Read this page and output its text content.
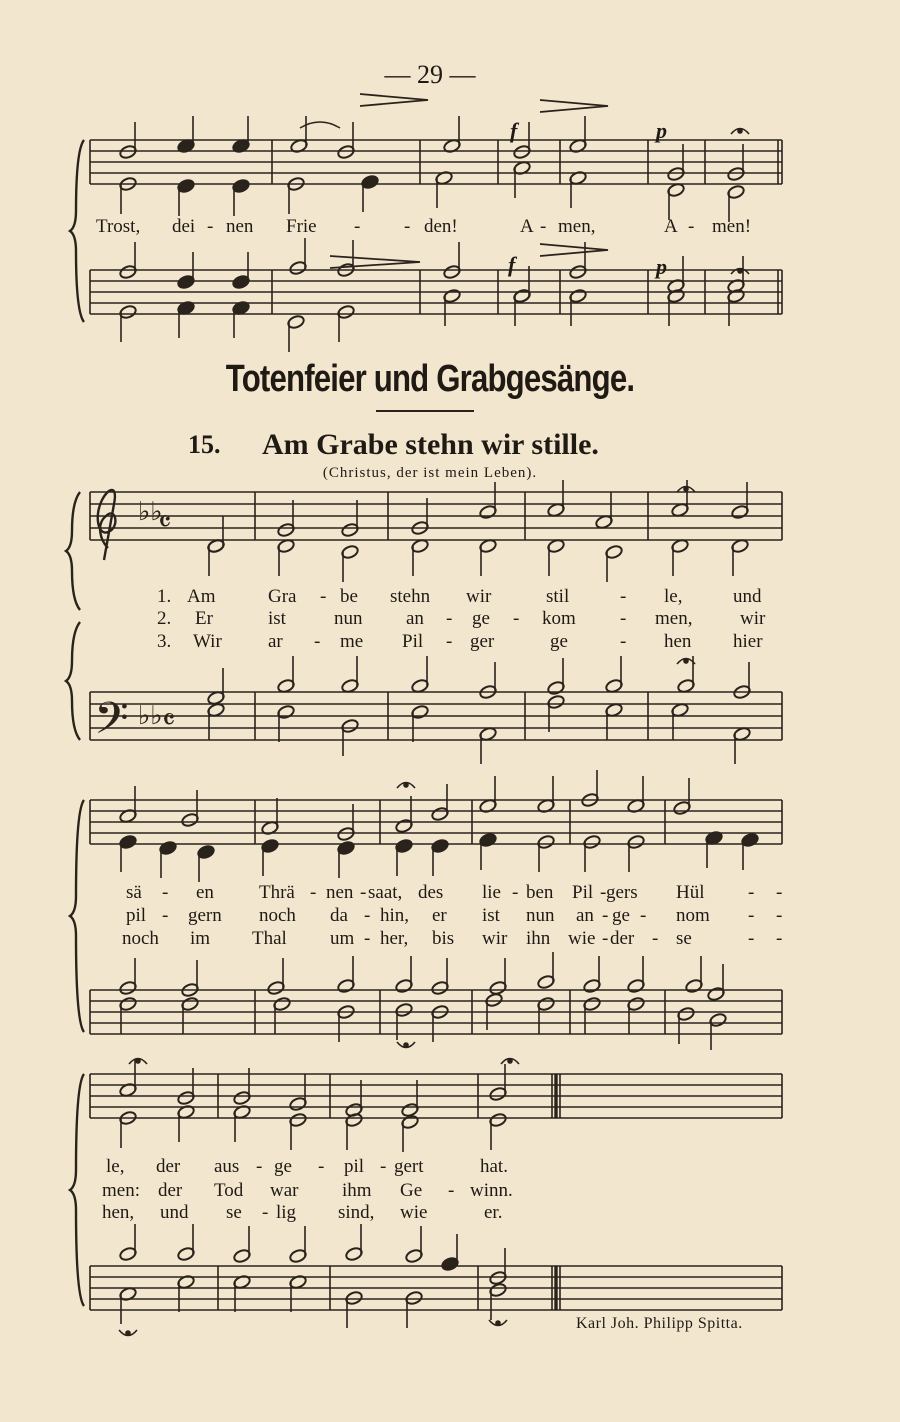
♭♭
𝄴
𝄢 ♭♭ 𝄴
— 29 —
f	p
f	p
Trost, dei - nen Frie - - den!	A - men,	A - men!
Totenfeier und Grabgesänge.
15. Am Grabe stehn wir stille.
(Christus, der ist mein Leben).
1. Am	Gra - be stehn wir	stil	- le,	und
2. Er	ist	nun an - ge - kom - men,	wir
3. Wir ar - me Pil - ger	ge	- hen hier
sä - en Thrä - nen - saat, des lie - ben Pil - gers Hül - -
pil - gern noch da - hin, er ist nun an - ge - nom - -
noch im Thal um - her, bis wir ihn wie - der - se	- -
le, der aus - ge - pil - gert	hat.
men: der Tod war ihm Ge - winn.
hen, und se - lig sind, wie	er.
Karl Joh. Philipp Spitta.
